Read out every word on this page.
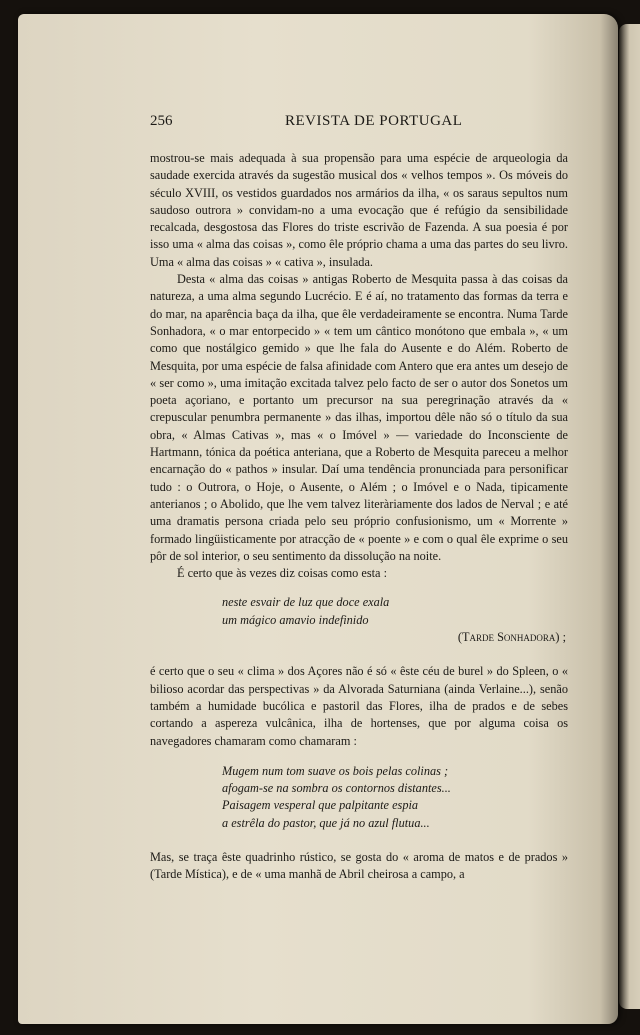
256	REVISTA DE PORTUGAL

mostrou-se mais adequada à sua propensão para uma espécie de arqueologia da saudade exercida através da sugestão musical dos « velhos tempos ». Os móveis do século XVIII, os vestidos guardados nos armários da ilha, « os saraus sepultos num saudoso outrora » convidam-no a uma evocação que é refúgio da sensibilidade recalcada, desgostosa das Flores do triste escrivão de Fazenda. A sua poesia é por isso uma « alma das coisas », como êle próprio chama a uma das partes do seu livro. Uma « alma das coisas » « cativa », insulada.

Desta « alma das coisas » antigas Roberto de Mesquita passa à das coisas da natureza, a uma alma segundo Lucrécio. E é aí, no tratamento das formas da terra e do mar, na aparência baça da ilha, que êle verdadeiramente se encontra. Numa Tarde Sonhadora, « o mar entorpecido » « tem um cântico monótono que embala », « um como que nostálgico gemido » que lhe fala do Ausente e do Além. Roberto de Mesquita, por uma espécie de falsa afinidade com Antero que era antes um desejo de « ser como », uma imitação excitada talvez pelo facto de ser o autor dos Sonetos um poeta açoriano, e portanto um precursor na sua peregrinação através da « crepuscular penumbra permanente » das ilhas, importou dêle não só o título da sua obra, « Almas Cativas », mas « o Imóvel » — variedade do Inconsciente de Hartmann, tónica da poética anteriana, que a Roberto de Mesquita pareceu a melhor encarnação do « pathos » insular. Daí uma tendência pronunciada para personificar tudo : o Outrora, o Hoje, o Ausente, o Além ; o Imóvel e o Nada, tipicamente anterianos ; o Abolido, que lhe vem talvez literàriamente dos lados de Nerval ; e até uma dramatis persona criada pelo seu próprio confusionismo, um « Morrente » formado lingüisticamente por atracção de « poente » e com o qual êle exprime o seu pôr de sol interior, o seu sentimento da dissolução na noite.

É certo que às vezes diz coisas como esta :

neste esvair de luz que doce exala
um mágico amavio indefinido
(Tarde Sonhadora) ;

é certo que o seu « clima » dos Açores não é só « êste céu de burel » do Spleen, o « bilioso acordar das perspectivas » da Alvorada Saturniana (ainda Verlaine...), senão também a humidade bucólica e pastoril das Flores, ilha de prados e de sebes cortando a aspereza vulcânica, ilha de hortenses, que por alguma coisa os navegadores chamaram como chamaram :

Mugem num tom suave os bois pelas colinas ;
afogam-se na sombra os contornos distantes...
Paisagem vesperal que palpitante espia
a estrêla do pastor, que já no azul flutua...

Mas, se traça êste quadrinho rústico, se gosta do « aroma de matos e de prados » (Tarde Mística), e de « uma manhã de Abril cheirosa a campo, a
